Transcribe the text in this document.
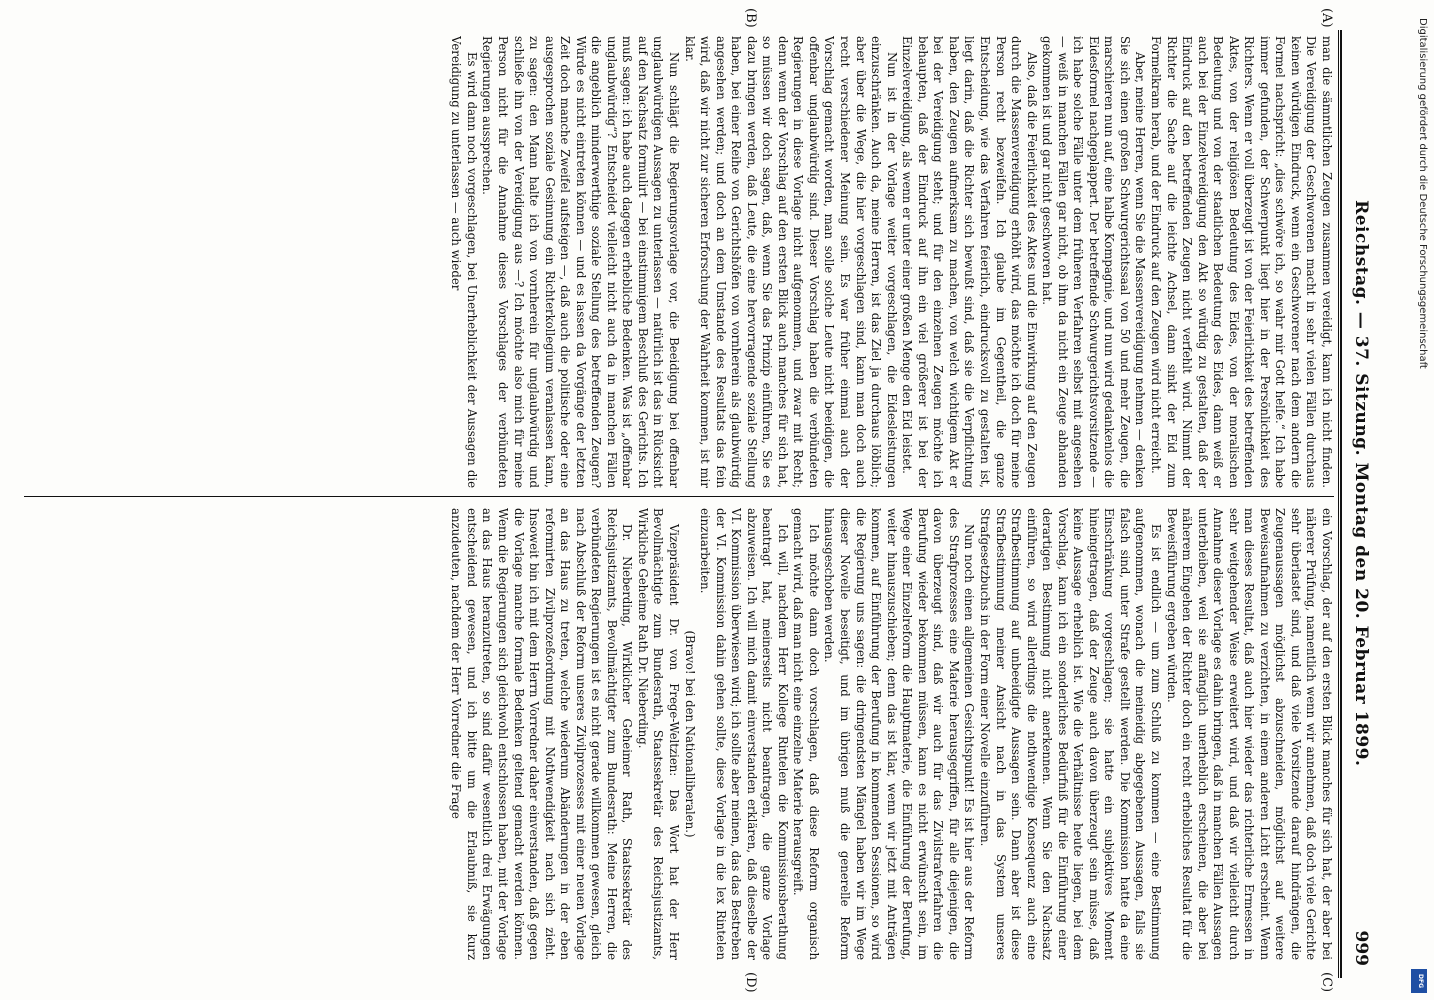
Reichstag. — 37. Sitzung. Montag den 20. Februar 1899.
999
(A)
(B)
(C)
(D)

man die sämmtlichen Zeugen zusammen vereidigt, kann ich nicht finden. Die Vereidigung der Geschworenen macht in sehr vielen Fällen durchaus keinen würdigen Eindruck, wenn ein Geschworener nach dem andern die Formel nachspricht: „dies schwöre ich, so wahr mir Gott helfe.“ Ich habe immer gefunden, der Schwerpunkt liegt hier in der Persönlichkeit des Richters. Wenn er voll überzeugt ist von der Feierlichkeit des betreffenden Aktes, von der religiösen Bedeutung des Eides, von der moralischen Bedeutung und von der staatlichen Bedeutung des Eides, dann weiß er auch bei der Einzelvereidigung den Akt so würdig zu gestalten, daß der Eindruck auf den betreffenden Zeugen nicht verfehlt wird. Nimmt der Richter die Sache auf die leichte Achsel, dann sinkt der Eid zum Formelkram herab, und der Eindruck auf den Zeugen wird nicht erreicht.

Aber, meine Herren, wenn Sie die Massenvereidigung nehmen — denken Sie sich einen großen Schwurgerichtssaal von 50 und mehr Zeugen, die marschieren nun auf, eine halbe Kompagnie, und nun wird gedankenlos die Eidesformel nachgeplappert. Der betreffende Schwurgerichtsvorsitzende — ich habe solche Fälle unter dem früheren Verfahren selbst mit angesehen — weiß in manchen Fällen gar nicht, ob ihm da nicht ein Zeuge abhanden gekommen ist und gar nicht geschworen hat.

Also, daß die Feierlichkeit des Aktes und die Einwirkung auf den Zeugen durch die Massenvereidigung erhöht wird, das möchte ich doch für meine Person recht bezweifeln. Ich glaube im Gegentheil, die ganze Entscheidung, wie das Verfahren feierlich, eindrucksvoll zu gestalten ist, liegt darin, daß die Richter sich bewußt sind, daß sie die Verpflichtung haben, den Zeugen aufmerksam zu machen, von welch wichtigem Akt er bei der Vereidigung steht; und für den einzelnen Zeugen möchte ich behaupten, daß der Eindruck auf ihn ein viel größerer ist bei der Einzelvereidigung, als wenn er unter einer großen Menge den Eid leistet.

Nun ist in der Vorlage weiter vorgeschlagen, die Eidesleistungen einzuschränken. Auch da, meine Herren, ist das Ziel ja durchaus löblich; aber über die Wege, die hier vorgeschlagen sind, kann man doch auch recht verschiedener Meinung sein. Es war früher einmal auch der Vorschlag gemacht worden, man solle solche Leute nicht beeidigen, die offenbar unglaubwürdig sind. Dieser Vorschlag haben die verbündeten Regierungen in diese Vorlage nicht aufgenommen, und zwar mit Recht; denn wenn der Vorschlag auf den ersten Blick auch manches für sich hat, so müssen wir doch sagen, daß, wenn Sie das Prinzip einführen, Sie es dazu bringen werden, daß Leute, die eine hervorragende soziale Stellung haben, bei einer Reihe von Gerichtshöfen von vornherein als glaubwürdig angesehen werden; und doch an dem Umstande des Resultats das fein wird, daß wir nicht zur sicheren Erforschung der Wahrheit kommen, ist mir klar.

Nun schlägt die Regierungsvorlage vor, die Beeidigung bei offenbar unglaubwürdigen Aussagen zu unterlassen — natürlich ist das in Rücksicht auf den Nachsatz formulirt — bei einstimmigem Beschluß des Gerichts. Ich muß sagen: ich habe auch dagegen erhebliche Bedenken. Was ist „offenbar unglaubwürdig“? Entscheidet vielleicht nicht auch da in manchen Fällen die angeblich minderwerthige soziale Stellung des betreffenden Zeugen? Würde es nicht eintreten können — und es lassen da Vorgänge der letzten Zeit doch manche Zweifel aufsteigen —, daß auch die politische oder eine ausgesprochen soziale Gesinnung ein Richterkollegium veranlassen kann, zu sagen: den Mann halte ich von vornherein für unglaubwürdig und schließe ihn von der Vereidigung aus —? Ich möchte also mich für meine Person nicht für die Annahme dieses Vorschlages der verbündeten Regierungen aussprechen.

Es wird dann noch vorgeschlagen, bei Unerheblichkeit der Aussagen die Vereidigung zu unterlassen — auch wieder

ein Vorschlag, der auf den ersten Blick manches für sich hat, der aber bei näherer Prüfung, namentlich wenn wir annehmen, daß doch viele Gerichte sehr überlastet sind, und daß viele Vorsitzende darauf hindrängen, die Zeugenaussagen möglichst abzuschneiden, möglichst auf weitere Beweisaufnahmen zu verzichten, in einem anderen Licht erscheint. Wenn man dieses Resultat, daß auch hier wieder das richterliche Ermessen in sehr weitgehender Weise erweitert wird, und daß wir vielleicht durch Annahme dieser Vorlage es dahin bringen, daß in manchen Fällen Aussagen unterbleiben, weil sie anfänglich unerheblich erscheinen, die aber bei näherem Eingehen der Richter doch ein recht erhebliches Resultat für die Beweisführung ergeben würden.

Es ist endlich — um zum Schluß zu kommen — eine Bestimmung aufgenommen, wonach die meineidig abgegebenen Aussagen, falls sie falsch sind, unter Strafe gestellt werden. Die Kommission hatte da eine Einschränkung vorgeschlagen; sie hatte ein subjektives Moment hineingetragen, daß der Zeuge auch davon überzeugt sein müsse, daß keine Aussage erheblich ist. Wie die Verhältnisse heute liegen, bei dem Vorschlag, kann ich ein sonderliches Bedürfniß für die Einführung einer derartigen Bestimmung nicht anerkennen. Wenn Sie den Nachsatz einführen, so wird allerdings die nothwendige Konsequenz auch eine Strafbestimmung auf unbeeidigte Aussagen sein. Dann aber ist diese Strafbestimmung meiner Ansicht nach in das System unseres Strafgesetzbuchs in der Form einer Novelle einzuführen.

Nun noch einen allgemeinen Gesichtspunkt! Es ist hier aus der Reform des Strafprozesses eine Materie herausgegriffen, für alle diejenigen, die davon überzeugt sind, daß wir auch für das Zivilstrafverfahren die Berufung wieder bekommen müssen, kann es nicht erwünscht sein, im Wege einer Einzelreform die Hauptmaterie, die Einführung der Berufung, weiter hinauszuschieben; denn das ist klar, wenn wir jetzt mit Anträgen kommen, auf Einführung der Berufung in kommenden Sessionen, so wird die Regierung uns sagen: die dringendsten Mängel haben wir im Wege dieser Novelle beseitigt, und im übrigen muß die generelle Reform hinausgeschoben werden.

Ich möchte dann doch vorschlagen, daß diese Reform organisch gemacht wird, daß man nicht eine einzelne Materie herausgreift.

Ich will, nachdem Herr Kollege Rintelen die Kommissionsberathung beantragt hat, meinerseits nicht beantragen, die ganze Vorlage abzuweisen. Ich will mich damit einverstanden erklären, daß dieselbe der VI. Kommission überwiesen wird; ich sollte aber meinen, das das Bestreben der VI. Kommission dahin gehen sollte, diese Vorlage in die lex Rintelen einzuarbeiten.

(Bravo! bei den Nationalliberalen.)

Vizepräsident Dr. von Frege-Weltzien: Das Wort hat der Herr Bevollmächtigte zum Bundesrath, Staatssekretär des Reichsjustizamts, Wirkliche Geheime Rath Dr. Nieberding.

Dr. Nieberding, Wirklicher Geheimer Rath, Staatssekretär des Reichsjustizamts, Bevollmächtigter zum Bundesrath: Meine Herren, die verbündeten Regierungen ist es nicht gerade willkommen gewesen, gleich nach Abschluß der Reform unseres Zivilprozesses mit einer neuen Vorlage an das Haus zu treten, welche wiederum Abänderungen in der eben reformirten Zivilprozeßordnung mit Nothwendigkeit nach sich zieht. Insoweit bin ich mit dem Herrn Vorredner daher einverstanden, daß gegen die Vorlage manche formale Bedenken geltend gemacht werden können. Wenn die Regierungen sich gleichwohl entschlossen haben, mit der Vorlage an das Haus heranzutreten, so sind dafür wesentlich drei Erwägungen entscheidend gewesen, und ich bitte um die Erlaubniß, sie kurz anzudeuten, nachdem der Herr Vorredner die Frage

Digitalisierung gefördert durch die Deutsche Forschungsgemeinschaft
DFG
